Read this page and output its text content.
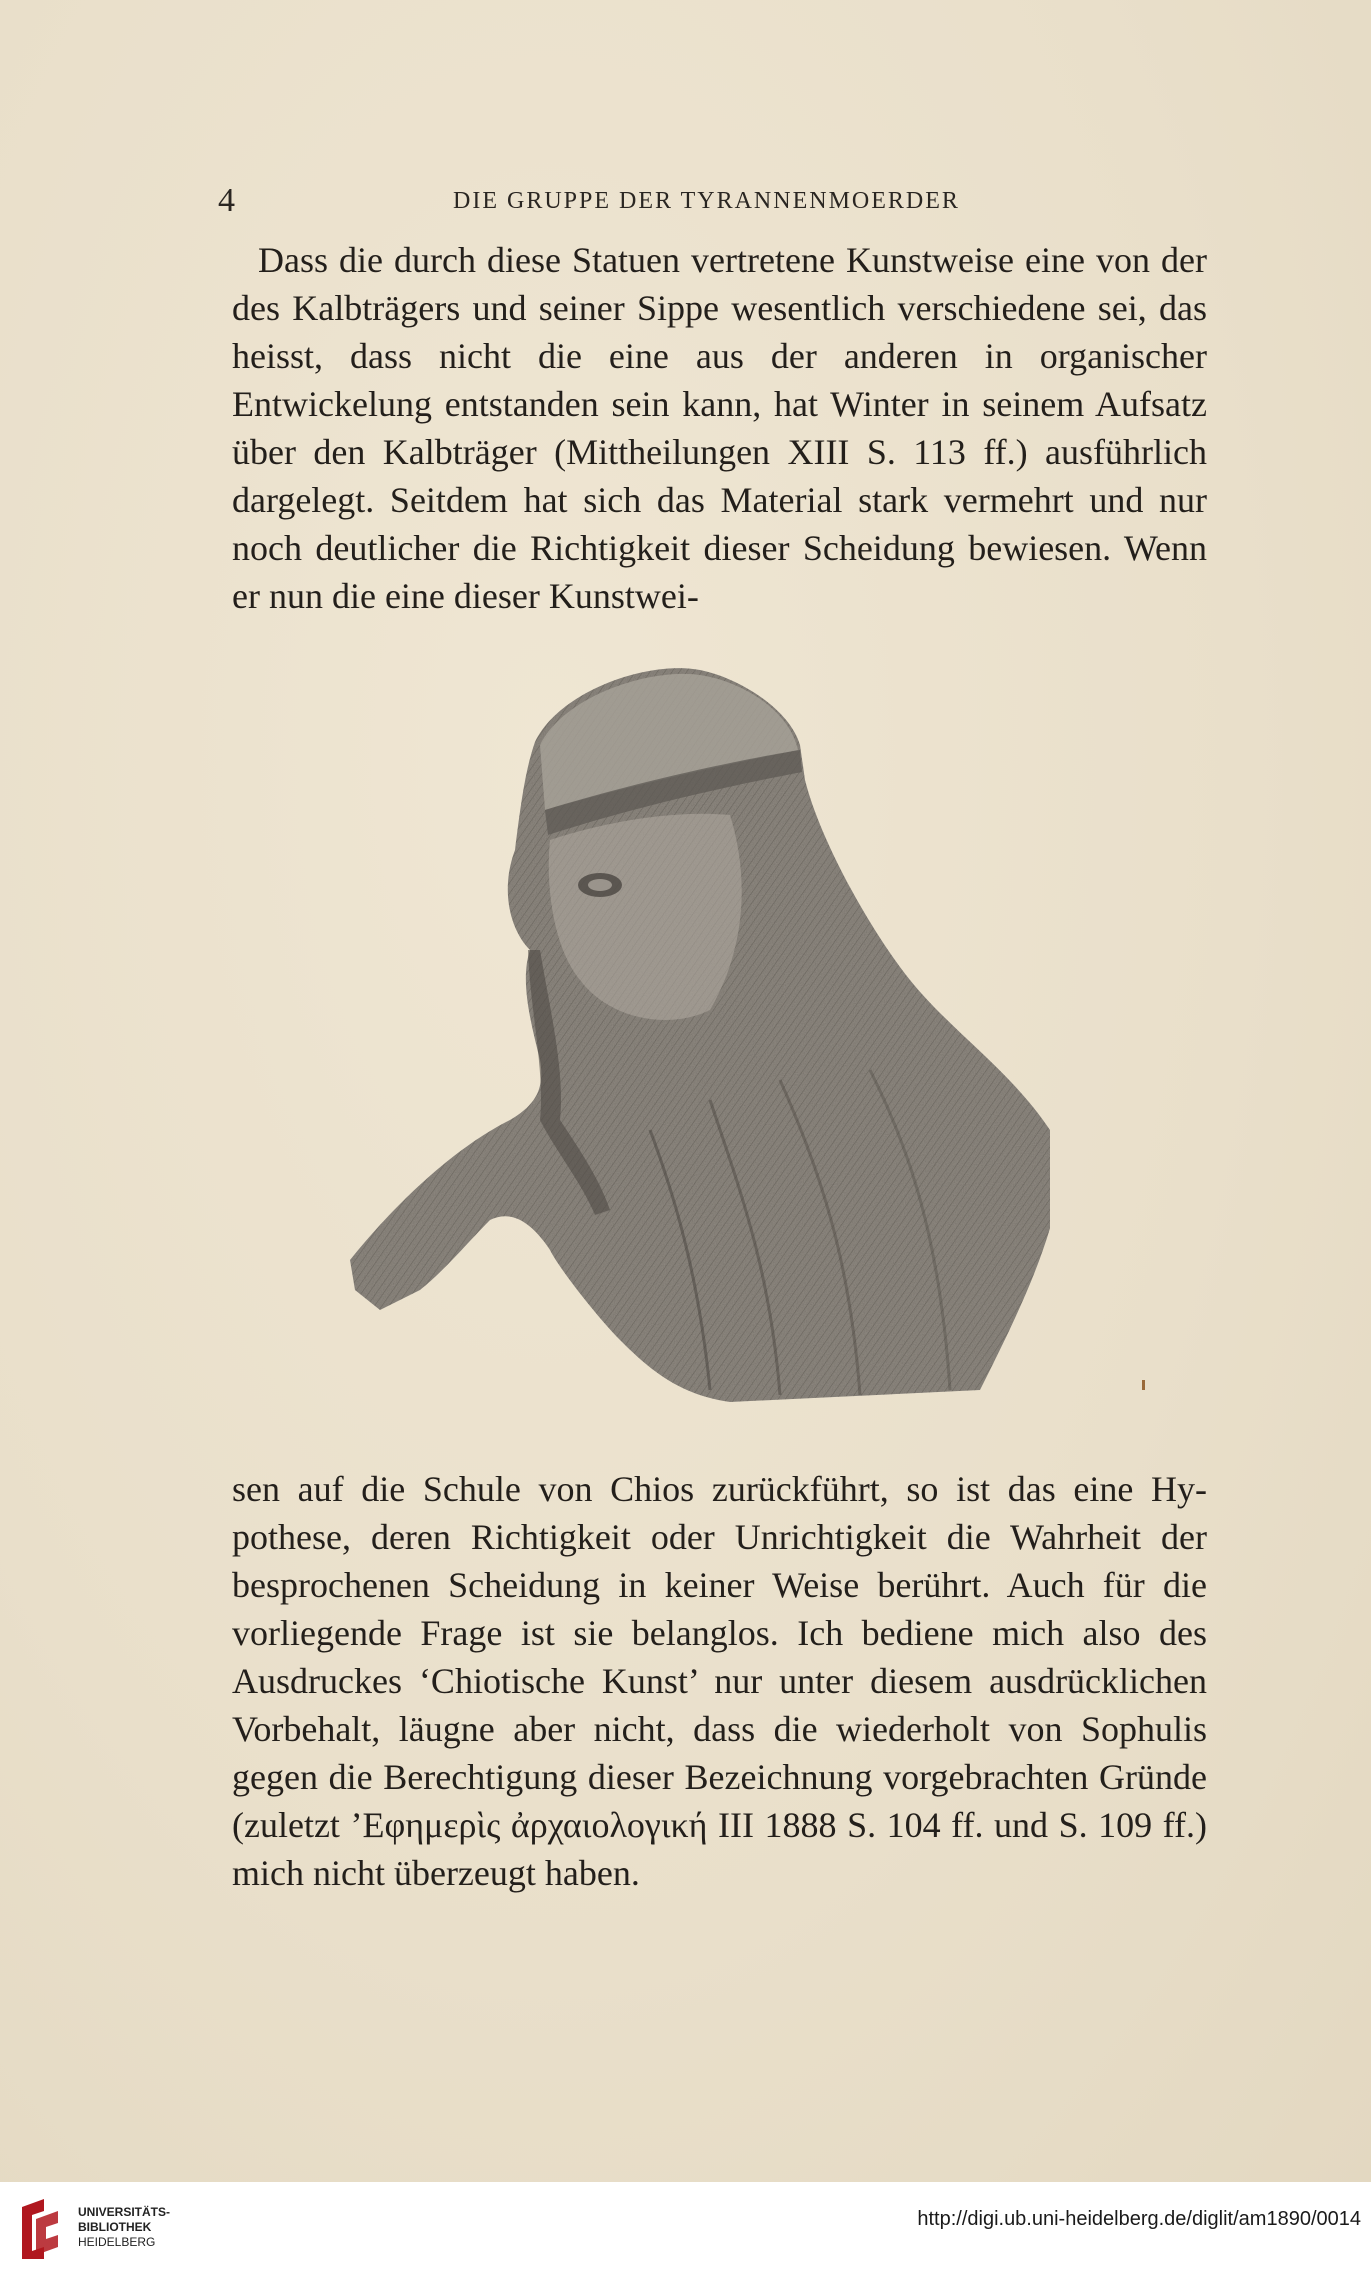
4	DIE GRUPPE DER TYRANNENMOERDER

Dass die durch diese Statuen vertretene Kunstweise eine von der des Kalbträgers und seiner Sippe wesentlich verschiedene sei, das heisst, dass nicht die eine aus der anderen in organischer Entwickelung entstanden sein kann, hat Winter in seinem Aufsatz über den Kalbträger (Mittheilungen XIII S. 113 ff.) ausführlich dargelegt. Seitdem hat sich das Material stark vermehrt und nur noch deutlicher die Richtigkeit dieser Scheidung bewiesen. Wenn er nun die eine dieser Kunstwei-

sen auf die Schule von Chios zurückführt, so ist das eine Hypothese, deren Richtigkeit oder Unrichtigkeit die Wahrheit der besprochenen Scheidung in keiner Weise berührt. Auch für die vorliegende Frage ist sie belanglos. Ich bediene mich also des Ausdruckes ‘Chiotische Kunst’ nur unter diesem ausdrücklichen Vorbehalt, läugne aber nicht, dass die wiederholt von Sophulis gegen die Berechtigung dieser Bezeichnung vorgebrachten Gründe (zuletzt ’Εφημερὶς ἀρχαιολογική III 1888 S. 104 ff. und S. 109 ff.) mich nicht überzeugt haben.

UNIVERSITÄTS-
BIBLIOTHEK
HEIDELBERG
http://digi.ub.uni-heidelberg.de/diglit/am1890/0014
